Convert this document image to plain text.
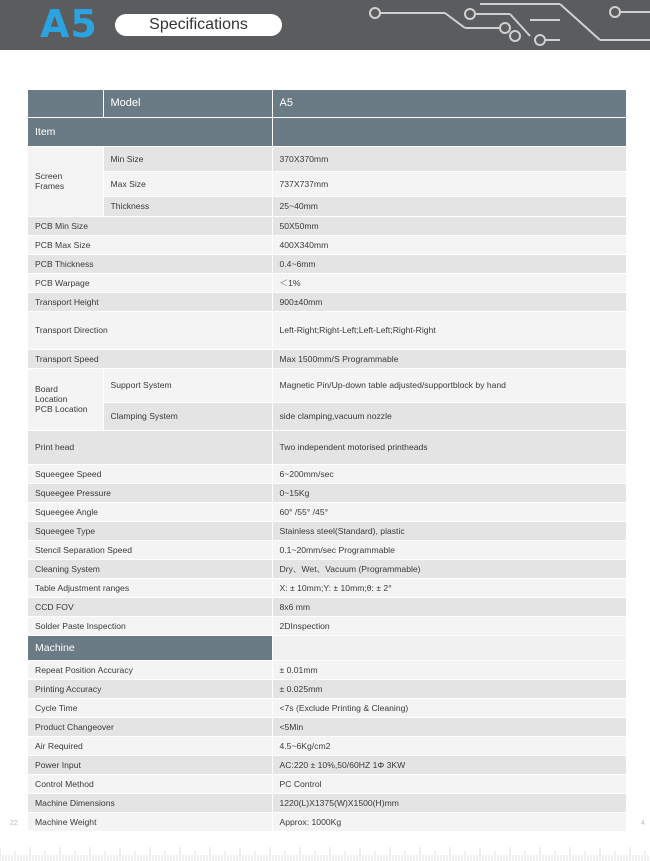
A5	Specifications
	Model	A5
Item		
Screen
Frames	Min Size	370X370mm
	Max Size	737X737mm
	Thickness	25~40mm
PCB Min Size		50X50mm
PCB Max Size		400X340mm
PCB Thickness		0.4~6mm
PCB Warpage		＜1%
Transport Height		900±40mm
Transport Direction		Left-Right;Right-Left;Left-Left;Right-Right
Transport Speed		Max 1500mm/S Programmable
Board
Location
PCB Location	Support System	Magnetic Pin/Up-down table adjusted/supportblock by hand
	Clamping System	side clamping,vacuum nozzle
Print head		Two independent motorised printheads
Squeegee Speed		6~200mm/sec
Squeegee Pressure		0~15Kg
Squeegee Angle		60° /55° /45°
Squeegee Type		Stainless steel(Standard), plastic
Stencil Separation Speed		0.1~20mm/sec Programmable
Cleaning System		Dry、Wet、Vacuum (Programmable)
Table Adjustment ranges		X: ± 10mm;Y: ± 10mm;θ: ± 2°
CCD FOV		8x6 mm
Solder Paste Inspection		2DInspection
Machine		
Repeat Position Accuracy		± 0.01mm
Printing Accuracy		± 0.025mm
Cycle Time		<7s (Exclude Printing & Cleaning)
Product Changeover		<5Min
Air Required		4.5~6Kg/cm2
Power Input		AC:220 ± 10%,50/60HZ 1Φ 3KW
Control Method		PC Control
Machine Dimensions		1220(L)X1375(W)X1500(H)mm
Machine Weight		Approx: 1000Kg
22	4
